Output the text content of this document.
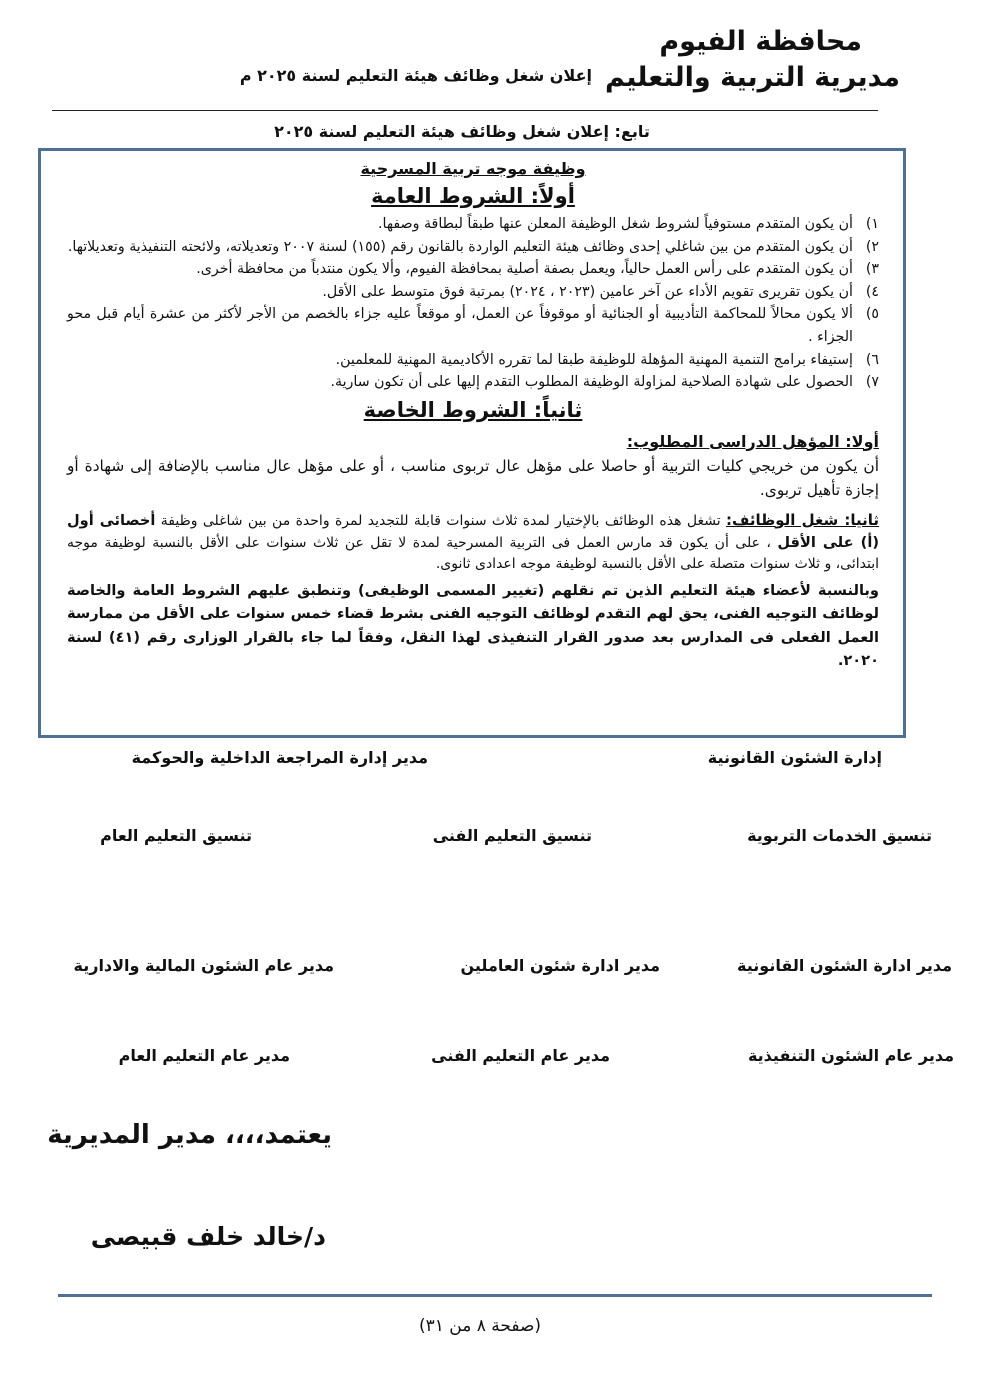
محافظة الفيوم
مديرية التربية والتعليم
إعلان شغل وظائف هيئة التعليم لسنة ٢٠٢٥ م
تابع: إعلان شغل وظائف هيئة التعليم لسنة ٢٠٢٥
وظيفة موجه تربية المسرحية
أولاً: الشروط العامة
١)
أن يكون المتقدم مستوفياً لشروط شغل الوظيفة المعلن عنها طبقاً لبطاقة وصفها.
٢)
أن يكون المتقدم من بين شاغلي إحدى وظائف هيئة التعليم الواردة بالقانون رقم (١٥٥) لسنة ٢٠٠٧ وتعديلاته، ولائحته التنفيذية وتعديلاتها.
٣)
أن يكون المتقدم على رأس العمل حالياً، ويعمل بصفة أصلية بمحافظة الفيوم، وألا يكون منتدباً من محافظة أخرى.
٤)
أن يكون تقريرى تقويم الأداء عن آخر عامين (٢٠٢٣ ، ٢٠٢٤) بمرتبة فوق متوسط على الأقل.
٥)
ألا يكون محالاً للمحاكمة التأديبية أو الجنائية أو موقوفاً عن العمل، أو موقعاً عليه جزاء بالخصم من الأجر لأكثر من عشرة أيام قبل محو الجزاء .
٦)
إستيفاء برامج التنمية المهنية المؤهلة للوظيفة طبقا لما تقرره الأكاديمية المهنية للمعلمين.
٧)
الحصول على شهادة الصلاحية لمزاولة الوظيفة المطلوب التقدم إليها على أن تكون سارية.
ثانياً: الشروط الخاصة
أولا: المؤهل الدراسى المطلوب:

أن يكون من خريجي كليات التربية أو حاصلا على مؤهل عال تربوى مناسب ، أو على مؤهل عال مناسب بالإضافة إلى شهادة أو إجازة تأهيل تربوى.

ثانيا: شغل الوظائف: تشغل هذه الوظائف بالإختيار لمدة ثلاث سنوات قابلة للتجديد لمرة واحدة من بين شاغلى وظيفة أخصائى أول (أ) على الأقل ، على أن يكون قد مارس العمل فى التربية المسرحية لمدة لا تقل عن ثلاث سنوات على الأقل بالنسبة لوظيفة موجه ابتدائى، و ثلاث سنوات متصلة على الأقل بالنسبة لوظيفة موجه اعدادى ثانوى.

وبالنسبة لأعضاء هيئة التعليم الذين تم نقلهم (تغيير المسمى الوظيفى) وتنطبق عليهم الشروط العامة والخاصة لوظائف التوجيه الفنى، يحق لهم التقدم لوظائف التوجيه الفنى بشرط قضاء خمس سنوات على الأقل من ممارسة العمل الفعلى فى المدارس بعد صدور القرار التنفيذى لهذا النقل، وفقاً لما جاء بالقرار الوزارى رقم (٤١) لسنة ٢٠٢٠.

إدارة الشئون القانونية
مدير إدارة المراجعة الداخلية والحوكمة
تنسيق الخدمات التربوية
تنسيق التعليم الفنى
تنسيق التعليم العام
مدير ادارة الشئون القانونية
مدير ادارة شئون العاملين
مدير عام الشئون المالية والادارية
مدير عام الشئون التنفيذية
مدير عام التعليم الفنى
مدير عام التعليم العام
يعتمد،،،، مدير المديرية
د/خالد خلف قبيصى
(صفحة ٨ من ٣١)
